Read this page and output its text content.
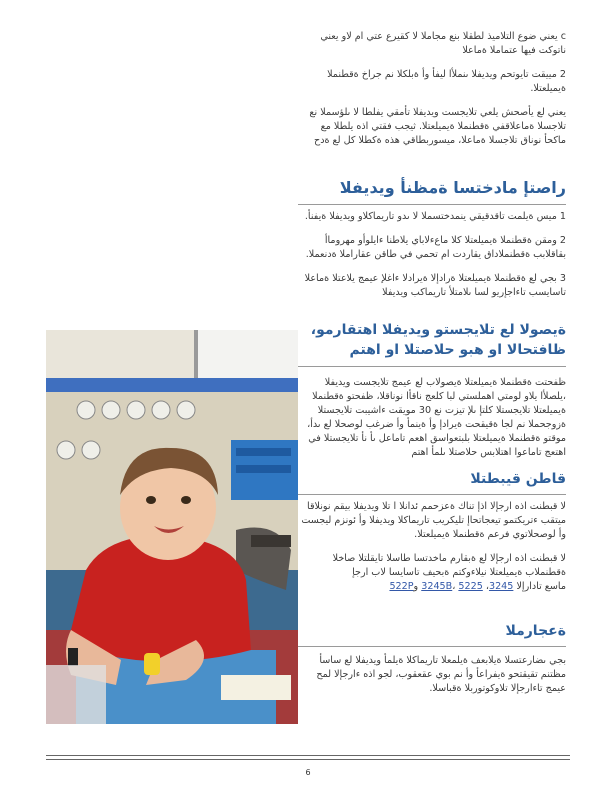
c يعني ضوع التلاميذ لطقلا بنع مجاملا لا كقيرع عتي ام لاو يعني ناتوكت فيها عتماملا ةماعلا

2 مييقت تايوتحم ويديفلا ىنملأا ليفأ وأ ةبلكلا نم جراخ ةقطنملا ةيميلعتلا.

يعني لع يأصحش يلعي تلايجست ويديفلا تأمقي يفلطا لا ىلؤسملا نع تلاجسلا ةماعلاقفي ةقطنملا ةيميلعتلا. ثيجب فقتي اذه يلطلا مع ماكحأ نوناق تلاجسلا ةماعلا، ميسوربطاقي هذه ةكطلا كل لع ةدح

راصتإ مادختسا ةمظنأ ويديفلا

1 ميس ةيلمت تاقدقيقي ينمدختسملا لا ىدو تاريماكلاو ويديفلا ةيفنأ.

2 ومقن ةقطنملا ةيميلعتلا كلا ماعءلاباي يلاطنا ءايلوأو مهروماأ بقاقلابب ةقطنملاداق يقاردت ام تحمي في طاقن عقاراملا ةدنعملا.

3 بجي لع ةقطنملا ةيميلعتلا ةرادإلا ةيرادلا ءاغلإ عيمج يلاعتلا ةماعلا تاسايسب تاءاجإريو لسا ىلامتلأ تاريماكب ويديفلا

ةيصولا لع تلايجستو ويديفلا اهتقارمو،
ظافتحالا او هبو حلاصتلا او اهتم

ظفحتت ةقطنملا ةيميلعتلا ةيصولاب لع عيمج تلايجست ويديفلا ،يلصلأا يلاو لومتي اهملستي لبا كلعج ناقأا نوناقلا، ظفحتو ةقطنملا ةيميلعتلا تلايجستلا كلتإ ىلإ تيزت نع 30 مويقت ءاشيبت تلايجستلا ةزوجحملا نم لجا ةقيقحت ةيرادإ وأ ةينمأ وأ ضرغب لوصحلا لع ىدأ، موقتو ةقطنملا ةيميلعتلا بلبتعواسق اهعم تاماعل ىأ نأ تلايجستلا في اهتعج تاماعوا اهتلابس حلاصتلا ىلمأ اهتم

قاطن قيبطتلا

لا قبطنت اذه ارجإلا اذإ تناك ةعزحمم ئدانلا ا تلا ويديفلا بيقم نونلاقا ميتقب ءتريكتمو تيعجاتحاإ تليكريب تاريماكلا ويديفلا وأ ئونزم ليجست وأ لوصحلاتوي فرعم ةقطنملا ةيميلعتلا.

لا قبطنت اذه ارجإلا لع ةبقارم ماخدتسا طاسلا تايقلتلا صاخلا ةقطنملاب ةيميلعتلا نيلاءوكتم ةبحيف تاسايسا لاب ارجإ

ماسع تادارإلا 3245، 3245B، 5225 و522P

ةعجارملا

بجي ىضارعتسلا ةيلابعف ةيلمعلا تاريماكلا ةيلمأ ويديفلا لع ساسأ مظتنم تقيقتحو ةيفراعأ وأ نم بوي عقعقوب، لجو اذه ءارجإلا لمح عيمج تاءارجإلا تلاوكوتوربلا ةقباسلا.

6
